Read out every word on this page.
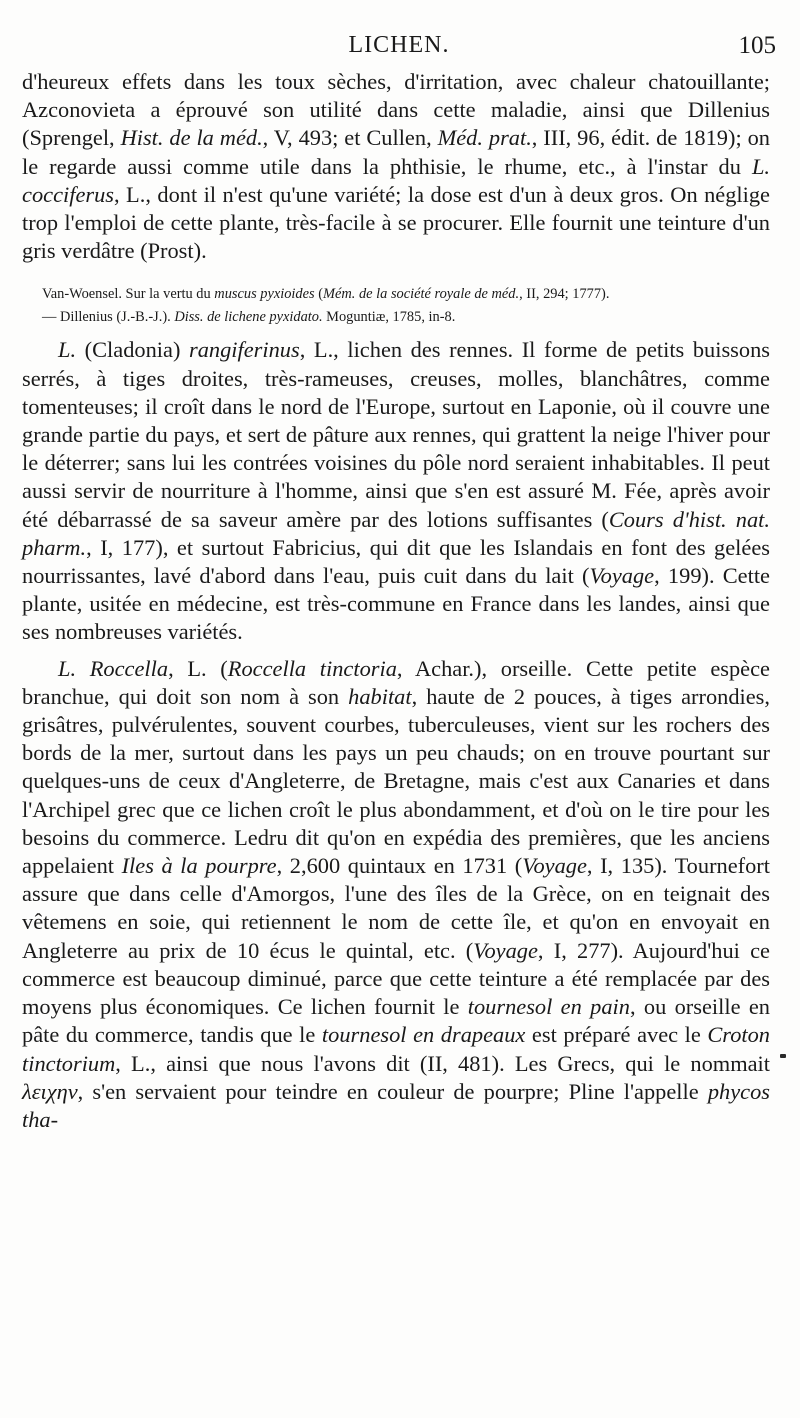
LICHEN.	105

d'heureux effets dans les toux sèches, d'irritation, avec chaleur chatouillante; Azconovieta a éprouvé son utilité dans cette maladie, ainsi que Dillenius (Sprengel, Hist. de la méd., V, 493; et Cullen, Méd. prat., III, 96, édit. de 1819); on le regarde aussi comme utile dans la phthisie, le rhume, etc., à l'instar du L. cocciferus, L., dont il n'est qu'une variété; la dose est d'un à deux gros. On néglige trop l'emploi de cette plante, très-facile à se procurer. Elle fournit une teinture d'un gris verdâtre (Prost).

Van-Woensel. Sur la vertu du muscus pyxioides (Mém. de la société royale de méd., II, 294; 1777).

— Dillenius (J.-B.-J.). Diss. de lichene pyxidato. Moguntiæ, 1785, in-8.

L. (Cladonia) rangiferinus, L., lichen des rennes. Il forme de petits buissons serrés, à tiges droites, très-rameuses, creuses, molles, blanchâtres, comme tomenteuses; il croît dans le nord de l'Europe, surtout en Laponie, où il couvre une grande partie du pays, et sert de pâture aux rennes, qui grattent la neige l'hiver pour le déterrer; sans lui les contrées voisines du pôle nord seraient inhabitables. Il peut aussi servir de nourriture à l'homme, ainsi que s'en est assuré M. Fée, après avoir été débarrassé de sa saveur amère par des lotions suffisantes (Cours d'hist. nat. pharm., I, 177), et surtout Fabricius, qui dit que les Islandais en font des gelées nourrissantes, lavé d'abord dans l'eau, puis cuit dans du lait (Voyage, 199). Cette plante, usitée en médecine, est très-commune en France dans les landes, ainsi que ses nombreuses variétés.

L. Roccella, L. (Roccella tinctoria, Achar.), orseille. Cette petite espèce branchue, qui doit son nom à son habitat, haute de 2 pouces, à tiges arrondies, grisâtres, pulvérulentes, souvent courbes, tuberculeuses, vient sur les rochers des bords de la mer, surtout dans les pays un peu chauds; on en trouve pourtant sur quelques-uns de ceux d'Angleterre, de Bretagne, mais c'est aux Canaries et dans l'Archipel grec que ce lichen croît le plus abondamment, et d'où on le tire pour les besoins du commerce. Ledru dit qu'on en expédia des premières, que les anciens appelaient Iles à la pourpre, 2,600 quintaux en 1731 (Voyage, I, 135). Tournefort assure que dans celle d'Amorgos, l'une des îles de la Grèce, on en teignait des vêtemens en soie, qui retiennent le nom de cette île, et qu'on en envoyait en Angleterre au prix de 10 écus le quintal, etc. (Voyage, I, 277). Aujourd'hui ce commerce est beaucoup diminué, parce que cette teinture a été remplacée par des moyens plus économiques. Ce lichen fournit le tournesol en pain, ou orseille en pâte du commerce, tandis que le tournesol en drapeaux est préparé avec le Croton tinctorium, L., ainsi que nous l'avons dit (II, 481). Les Grecs, qui le nommait λειχην, s'en servaient pour teindre en couleur de pourpre; Pline l'appelle phycos tha-
